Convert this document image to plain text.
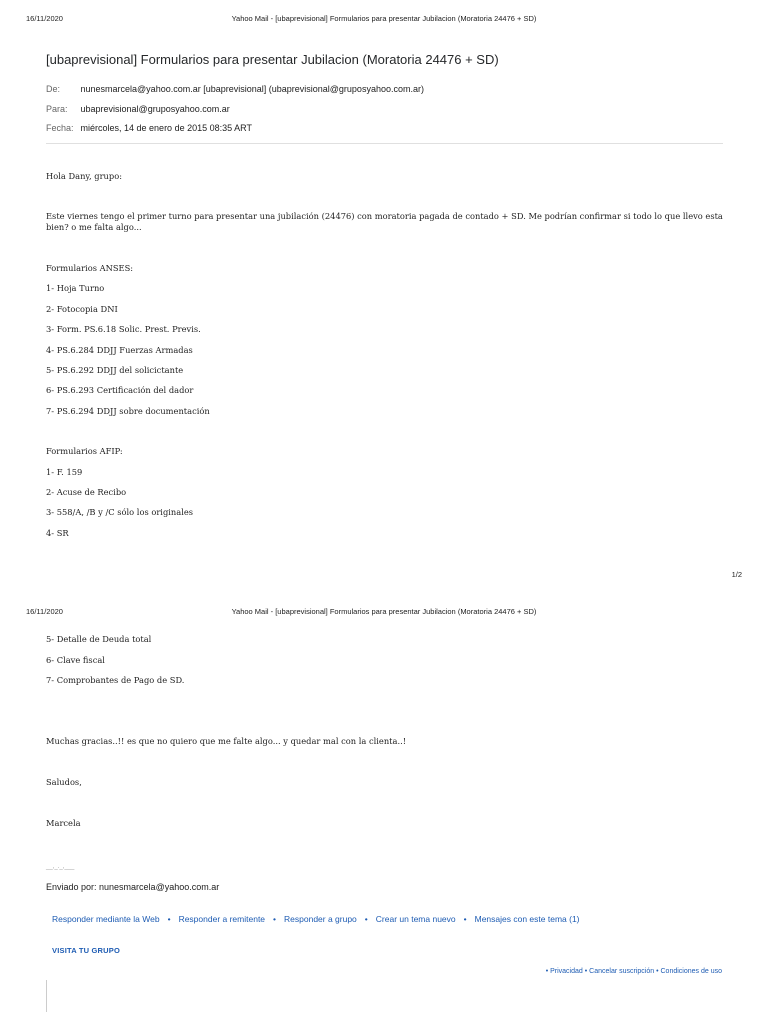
16/11/2020	Yahoo Mail - [ubaprevisional] Formularios para presentar Jubilacion (Moratoria 24476 + SD)
[ubaprevisional] Formularios para presentar Jubilacion (Moratoria 24476 + SD)
De: nunesmarcela@yahoo.com.ar [ubaprevisional] (ubaprevisional@gruposyahoo.com.ar)
Para: ubaprevisional@gruposyahoo.com.ar
Fecha: miércoles, 14 de enero de 2015 08:35 ART
Hola Dany, grupo:
Este viernes tengo el primer turno para presentar una jubilación (24476) con moratoria pagada de contado + SD. Me podrían confirmar si todo lo que llevo esta bien? o me falta algo...
Formularios ANSES:
1- Hoja Turno
2- Fotocopia DNI
3- Form. PS.6.18 Solic. Prest. Previs.
4- PS.6.284 DDJJ Fuerzas Armadas
5- PS.6.292 DDJJ del solicictante
6- PS.6.293 Certificación del dador
7- PS.6.294 DDJJ sobre documentación
Formularios AFIP:
1- F. 159
2- Acuse de Recibo
3- 558/A, /B y /C sólo los originales
4- SR
1/2
16/11/2020	Yahoo Mail - [ubaprevisional] Formularios para presentar Jubilacion (Moratoria 24476 + SD)
5- Detalle de Deuda total
6- Clave fiscal
7- Comprobantes de Pago de SD.
Muchas gracias..!! es que no quiero que me falte algo... y quedar mal con la clienta..!
Saludos,
Marcela
__,_._,___
Enviado por: nunesmarcela@yahoo.com.ar
Responder mediante la Web • Responder a remitente • Responder a grupo • Crear un tema nuevo • Mensajes con este tema (1)
VISITA TU GRUPO
• Privacidad • Cancelar suscripción • Condiciones de uso
